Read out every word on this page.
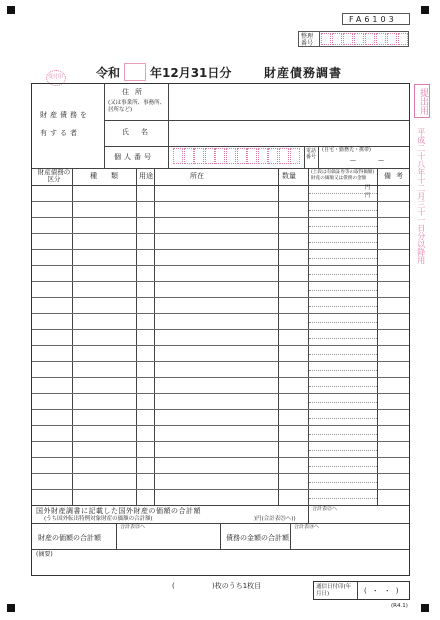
FA6103
整理
番号
令和 年12月31日分	財産債務調書
受付印
提出用
平成二十八年十二月三十一日分以降用
財産債務を
有する者
住所
(又は事業所、事務所、居所など)
氏名
個人番号
電話番号
(自宅・勤務先・携帯)
—	—
財産債務の区分	種類 用途	所在	数量	(上段は有価証券等の取得価額)財産の価額又は債務の金額	備考
円
円
国外財産調書に記載した国外財産の価額の合計額
(うち国外転出特例対象財産の価額の合計額(	)円(合計表㉕へ))
合計表㉒へ
財産の価額の合計額
合計表㉓へ
債務の金額の合計額
合計表㉔へ
(摘要)
(	)枚のうち1枚目	通信日付印(年月日)	(・・)
(R4.1)
